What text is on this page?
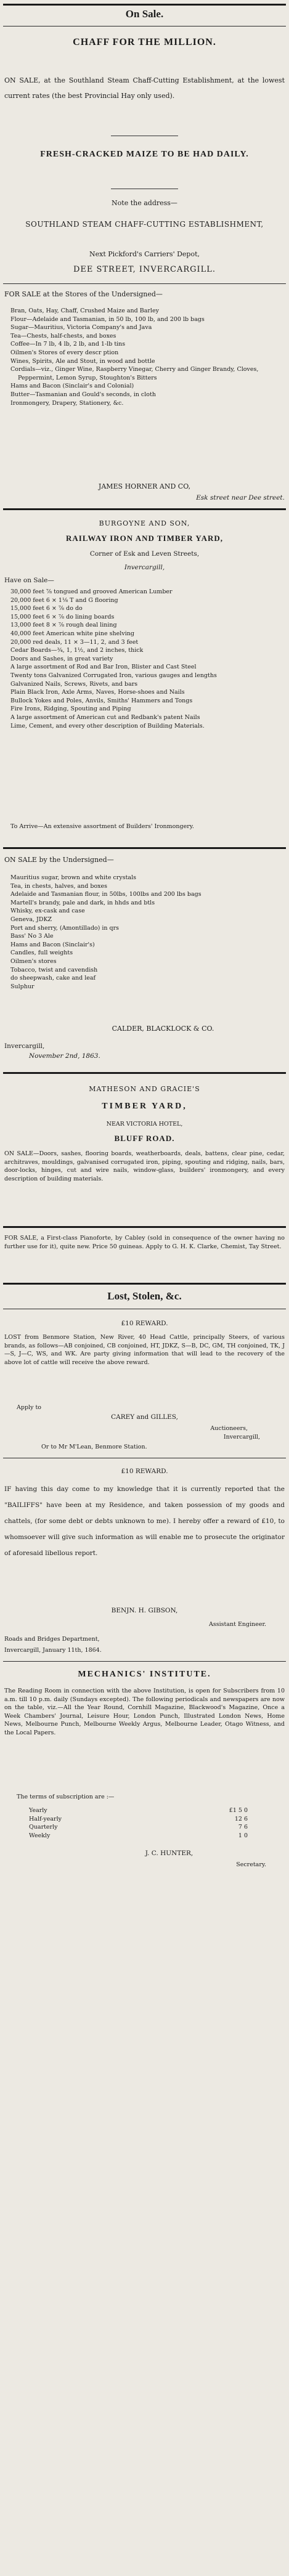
On Sale.
CHAFF FOR THE MILLION.
ON SALE, at the Southland Steam Chaff-Cutting Establishment, at the lowest current rates (the best Provincial Hay only used).
FRESH-CRACKED MAIZE TO BE HAD DAILY.
Note the address—
SOUTHLAND STEAM CHAFF-CUTTING ESTABLISHMENT,
Next Pickford's Carriers' Depot,
DEE STREET, INVERCARGILL.
FOR SALE at the Stores of the Undersigned—
Bran, Oats, Hay, Chaff, Crushed Maize and Barley
Flour—Adelaide and Tasmanian, in 50 lb, 100 lb, and 200 lb bags
Sugar—Mauritius, Victoria Company's and Java
Tea—Chests, half-chests, and boxes
Coffee—In 7 lb, 4 lb, 2 lb, and 1-lb tins
Oilmen's Stores of every descr ption
Wines, Spirits, Ale and Stout, in wood and bottle
Cordials—viz., Ginger Wine, Raspberry Vinegar, Cherry and Ginger Brandy, Cloves, Peppermint, Lemon Syrup, Stoughton's Bitters
Hams and Bacon (Sinclair's and Colonial)
Butter—Tasmanian and Gould's seconds, in cloth
Ironmongery, Drapery, Stationery, &c.
JAMES HORNER AND CO,
Esk street near Dee street.
BURGOYNE AND SON,
RAILWAY IRON AND TIMBER YARD,
Corner of Esk and Leven Streets,
Invercargill,
Have on Sale—
30,000 feet ⅞ tongued and grooved American Lumber
20,000 feet 6 × 1⅛ T and G flooring
15,000 feet 6 × ⅞ do do
15,000 feet 6 × ⅞ do lining boards
13,000 feet 8 × ⅞ rough deal lining
40,000 feet American white pine shelving
20,000 red deals, 11 × 3—11, 2, and 3 feet
Cedar Boards—¾, 1, 1½, and 2 inches, thick
Doors and Sashes, in great variety
A large assortment of Rod and Bar Iron, Blister and Cast Steel
Twenty tons Galvanized Corrugated Iron, various gauges and lengths
Galvanized Nails, Screws, Rivets, and bars
Plain Black Iron, Axle Arms, Naves, Horse-shoes and Nails
Bullock Yokes and Poles, Anvils, Smiths' Hammers and Tongs
Fire Irons, Ridging, Spouting and Piping
A large assortment of American cut and Redbank's patent Nails
Lime, Cement, and every other description of Building Materials.
To Arrive—An extensive assortment of Builders' Ironmongery.
ON SALE by the Undersigned—
Mauritius sugar, brown and white crystals
Tea, in chests, halves, and boxes
Adelaide and Tasmanian flour, in 50lbs, 100lbs and 200 lbs bags
Martell's brandy, pale and dark, in hhds and btls
Whisky, ex-cask and case
Geneva, JDKZ
Port and sherry, (Amontillado) in qrs
Bass' No 3 Ale
Hams and Bacon (Sinclair's)
Candles, full weights
Oilmen's stores
Tobacco, twist and cavendish
do sheepwash, cake and leaf
Sulphur
CALDER, BLACKLOCK & CO.
Invercargill,
November 2nd, 1863.
MATHESON AND GRACIE'S
TIMBER YARD,
NEAR VICTORIA HOTEL,
BLUFF ROAD.
ON SALE—Doors, sashes, flooring boards, weatherboards, deals, battens, clear pine, cedar, architraves, mouldings, galvanised corrugated iron, piping, spouting and ridging, nails, bars, door-locks, hinges, cut and wire nails, window-glass, builders' ironmongery, and every description of building materials.
FOR SALE, a First-class Pianoforte, by Cabley (sold in consequence of the owner having no further use for it), quite new. Price 50 guineas. Apply to G. H. K. Clarke, Chemist, Tay Street.
Lost, Stolen, &c.
£10 REWARD.
LOST from Benmore Station, New River, 40 Head Cattle, principally Steers, of various brands, as follows—AB conjoined, CB conjoined, HT, JDKZ, S—B, DC, GM, TH conjoined, TK, J—S, J—C, WS, and WK. Are party giving information that will lead to the recovery of the above lot of cattle will receive the above reward.
Apply to
CAREY and GILLES,
Auctioneers,
Invercargill,
Or to Mr M'Lean, Benmore Station.
£10 REWARD.
IF having this day come to my knowledge that it is currently reported that the "BAILIFFS" have been at my Residence, and taken possession of my goods and chattels, (for some debt or debts unknown to me). I hereby offer a reward of £10, to whomsoever will give such information as will enable me to prosecute the originator of aforesaid libellous report.
BENJN. H. GIBSON,
Assistant Engineer.
Roads and Bridges Department,
Invercargill, January 11th, 1864.
MECHANICS' INSTITUTE.
The Reading Room in connection with the above Institution, is open for Subscribers from 10 a.m. till 10 p.m. daily (Sundays excepted). The following periodicals and newspapers are now on the table, viz.—All the Year Round, Cornhill Magazine, Blackwood's Magazine, Once a Week Chambers' Journal, Leisure Hour, London Punch, Illustrated London News, Home News, Melbourne Punch, Melbourne Weekly Argus, Melbourne Leader, Otago Witness, and the Local Papers.
The terms of subscription are :—
Yearly	£1 5 0
Half-yearly	12 6
Quarterly	7 6
Weekly	1 0
J. C. HUNTER,
Secretary.
